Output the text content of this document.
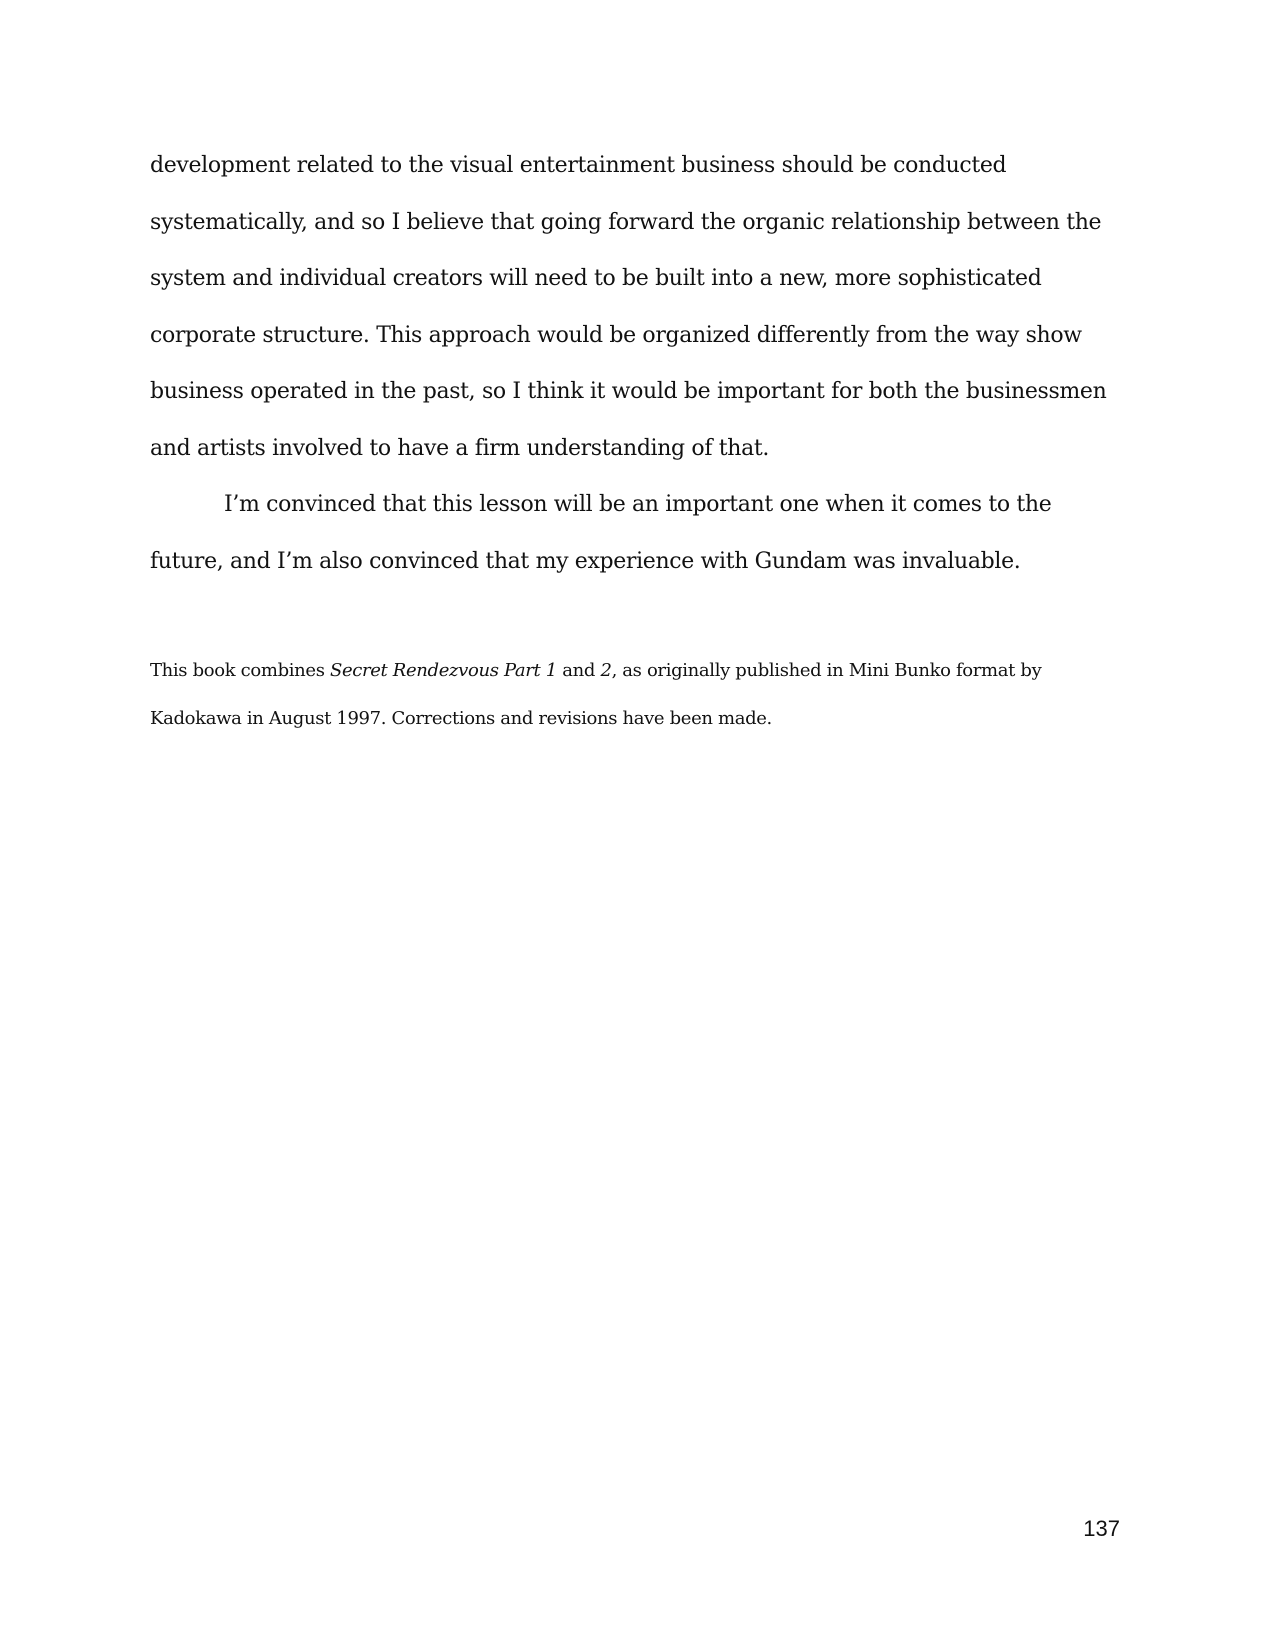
development related to the visual entertainment business should be conducted
systematically, and so I believe that going forward the organic relationship between the
system and individual creators will need to be built into a new, more sophisticated
corporate structure. This approach would be organized differently from the way show
business operated in the past, so I think it would be important for both the businessmen
and artists involved to have a firm understanding of that.

I’m convinced that this lesson will be an important one when it comes to the
future, and I’m also convinced that my experience with Gundam was invaluable.

This book combines Secret Rendezvous Part 1 and 2, as originally published in Mini Bunko format by
Kadokawa in August 1997. Corrections and revisions have been made.

137
